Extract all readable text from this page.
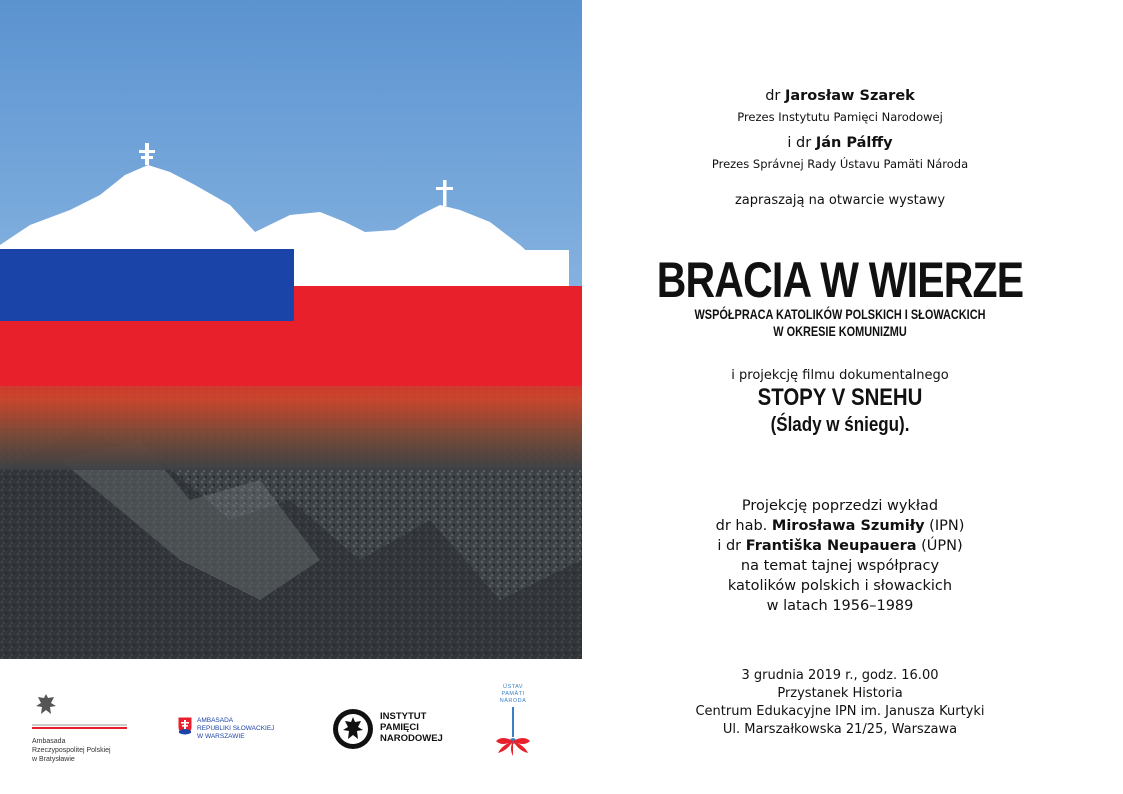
dr Jarosław Szarek
Prezes Instytutu Pamięci Narodowej
i dr Ján Pálffy
Prezes Správnej Rady Ústavu Pamäti Národa
zapraszają na otwarcie wystawy
BRACIA W WIERZE
WSPÓŁPRACA KATOLIKÓW POLSKICH I SŁOWACKICH
W OKRESIE KOMUNIZMU
i projekcję filmu dokumentalnego
STOPY V SNEHU
(Ślady w śniegu).
Projekcję poprzedzi wykład
dr hab. Mirosława Szumiły (IPN)
i dr Františka Neupauera (ÚPN)
na temat tajnej współpracy
katolików polskich i słowackich
w latach 1956–1989
3 grudnia 2019 r., godz. 16.00
Przystanek Historia
Centrum Edukacyjne IPN im. Janusza Kurtyki
Ul. Marszałkowska 21/25, Warszawa
Ambasada
Rzeczypospolitej Polskiej
w Bratysławie
AMBASADA
REPUBLIKI SŁOWACKIEJ
W WARSZAWIE
INSTYTUT
PAMIĘCI
NARODOWEJ
ÚSTAV
PAMÄTI
NÁRODA
